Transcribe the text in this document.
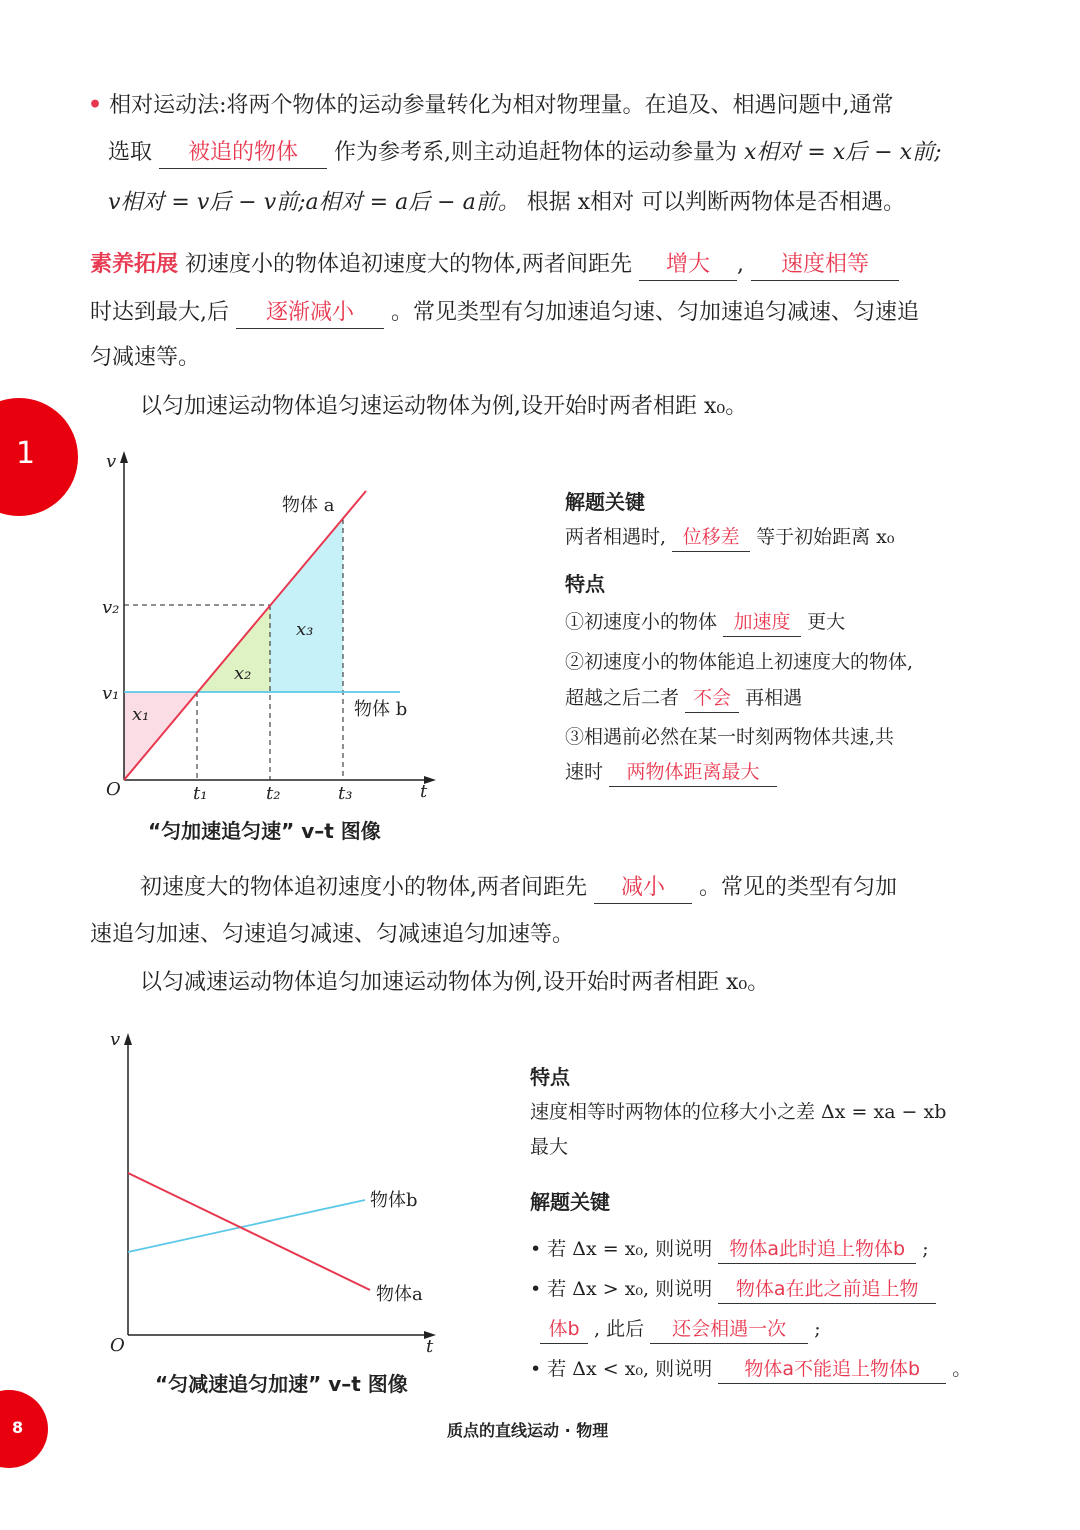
1
• 相对运动法:将两个物体的运动参量转化为相对物理量。在追及、相遇问题中,通常
选取 被追的物体 作为参考系,则主动追赶物体的运动参量为 x相对 = x后 − x前;
v相对 = v后 − v前;a相对 = a后 − a前。 根据 x相对 可以判断两物体是否相遇。
素养拓展 初速度小的物体追初速度大的物体,两者间距先 增大 , 速度相等
时达到最大,后 逐渐减小 。常见类型有匀加速追匀速、匀加速追匀减速、匀速追
匀减速等。
以匀加速运动物体追匀速运动物体为例,设开始时两者相距 x₀。
v
t
O
v₂
v₁
t₁	t₂	t₃
x₁
x₂
x₃
物体 a
物体 b
“匀加速追匀速” v–t 图像
解题关键
两者相遇时, 位移差 等于初始距离 x₀
特点
①初速度小的物体 加速度 更大
②初速度小的物体能追上初速度大的物体,
超越之后二者 不会 再相遇
③相遇前必然在某一时刻两物体共速,共
速时 两物体距离最大
初速度大的物体追初速度小的物体,两者间距先 减小 。常见的类型有匀加
速追匀加速、匀速追匀减速、匀减速追匀加速等。
以匀减速运动物体追匀加速运动物体为例,设开始时两者相距 x₀。
v
t
O
物体b
物体a
“匀减速追匀加速” v–t 图像
特点
速度相等时两物体的位移大小之差 Δx = xa − xb
最大
解题关键
• 若 Δx = x₀, 则说明 物体a此时追上物体b ;
• 若 Δx > x₀, 则说明 物体a在此之前追上物
体b , 此后 还会相遇一次 ;
• 若 Δx < x₀, 则说明 物体a不能追上物体b 。
8	质点的直线运动 · 物理
